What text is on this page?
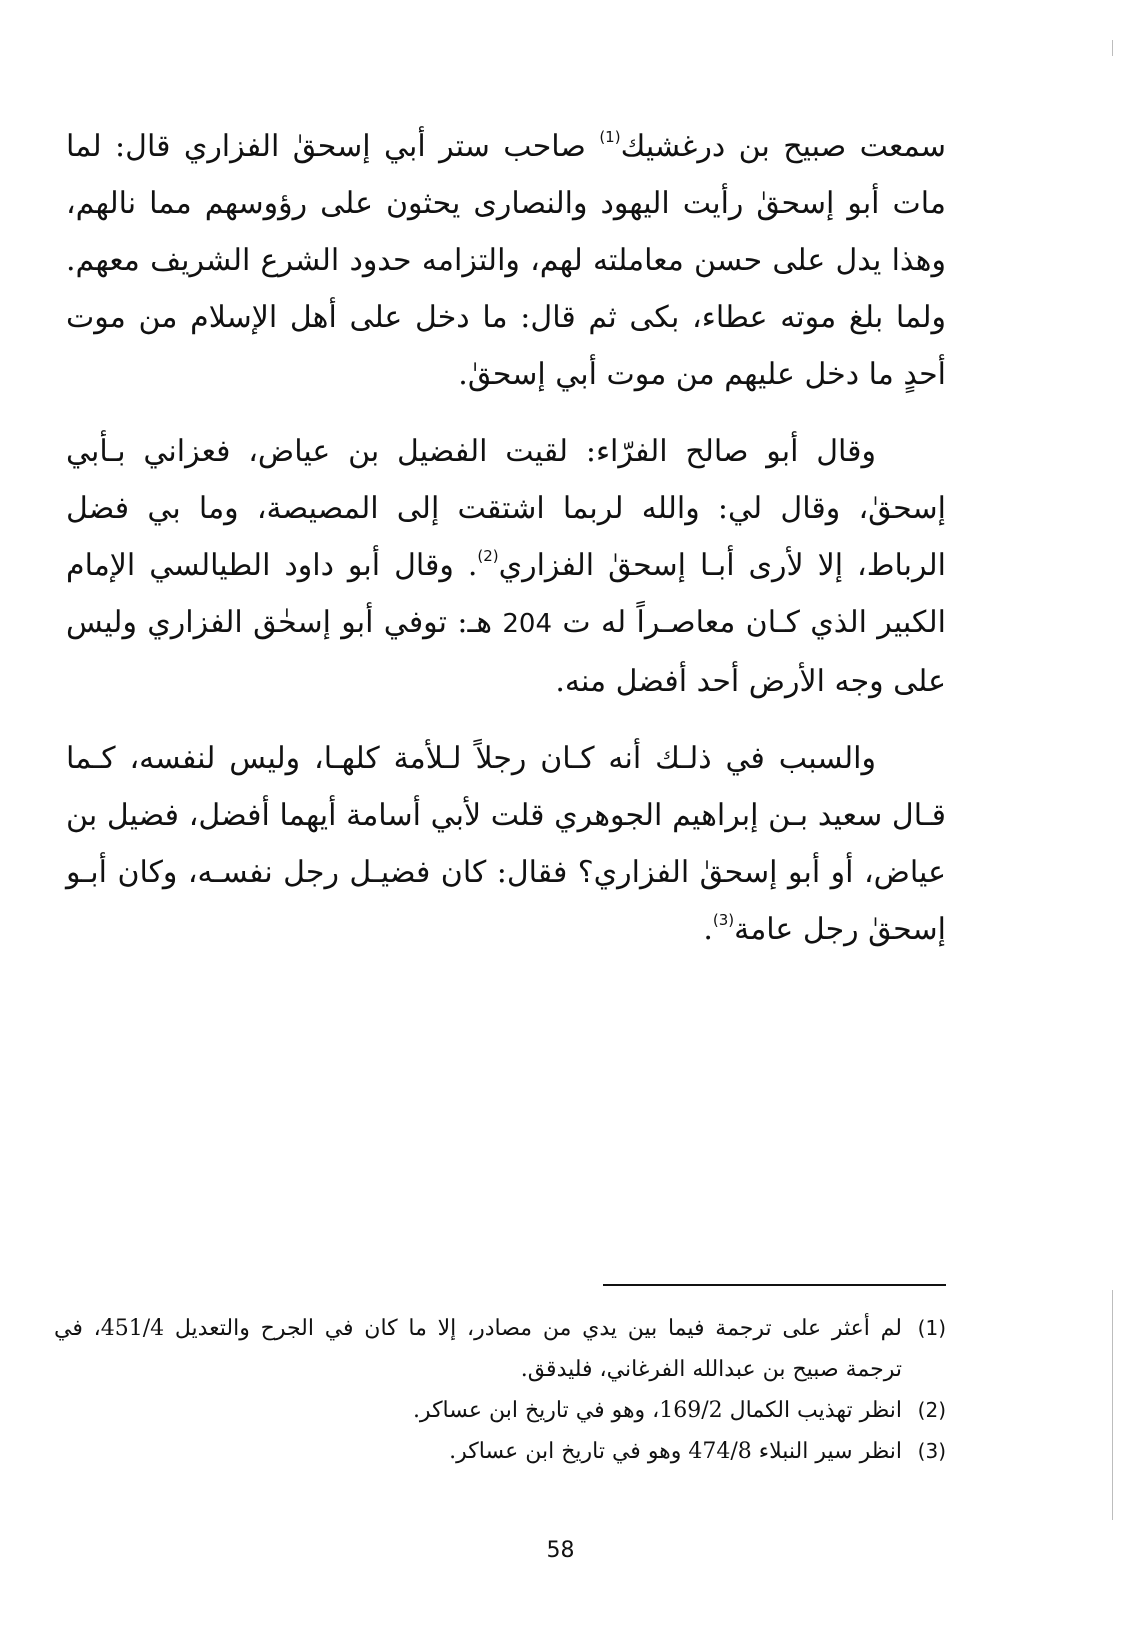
سمعت صبيح بن درغشيك$^{(1)}$ صاحب ستر أبي إسحقٰ الفزاري قال: لما مات أبو إسحقٰ رأيت اليهود والنصارى يحثون على رؤوسهم مما نالهم، وهذا يدل على حسن معاملته لهم، والتزامه حدود الشرع الشريف معهم. ولما بلغ موته عطاء، بكى ثم قال: ما دخل على أهل الإسلام من موت أحدٍ ما دخل عليهم من موت أبي إسحقٰ.

وقال أبو صالح الفرّاء: لقيت الفضيل بن عياض، فعزاني بـأبي إسحقٰ، وقال لي: والله لربما اشتقت إلى المصيصة، وما بي فضل الرباط، إلا لأرى أبـا إسحقٰ الفزاري$^{(2)}$. وقال أبو داود الطيالسي الإمام الكبير الذي كـان معاصـراً له ت 204 هـ: توفي أبو إسحٰق الفزاري وليس على وجه الأرض أحد أفضل منه.

والسبب في ذلـك أنه كـان رجلاً لـلأمة كلهـا، وليس لنفسه، كـما قـال سعيد بـن إبراهيم الجوهري قلت لأبي أسامة أيهما أفضل، فضيل بن عياض، أو أبو إسحقٰ الفزاري؟ فقال: كان فضيـل رجل نفسـه، وكان أبـو إسحقٰ رجل عامة$^{(3)}$.

(1)
لم أعثر على ترجمة فيما بين يدي من مصادر، إلا ما كان في الجرح والتعديل 451/4، في ترجمة صبيح بن عبدالله الفرغاني، فليدقق.
(2)
انظر تهذيب الكمال 169/2، وهو في تاريخ ابن عساكر.
(3)
انظر سير النبلاء 474/8 وهو في تاريخ ابن عساكر.
58
